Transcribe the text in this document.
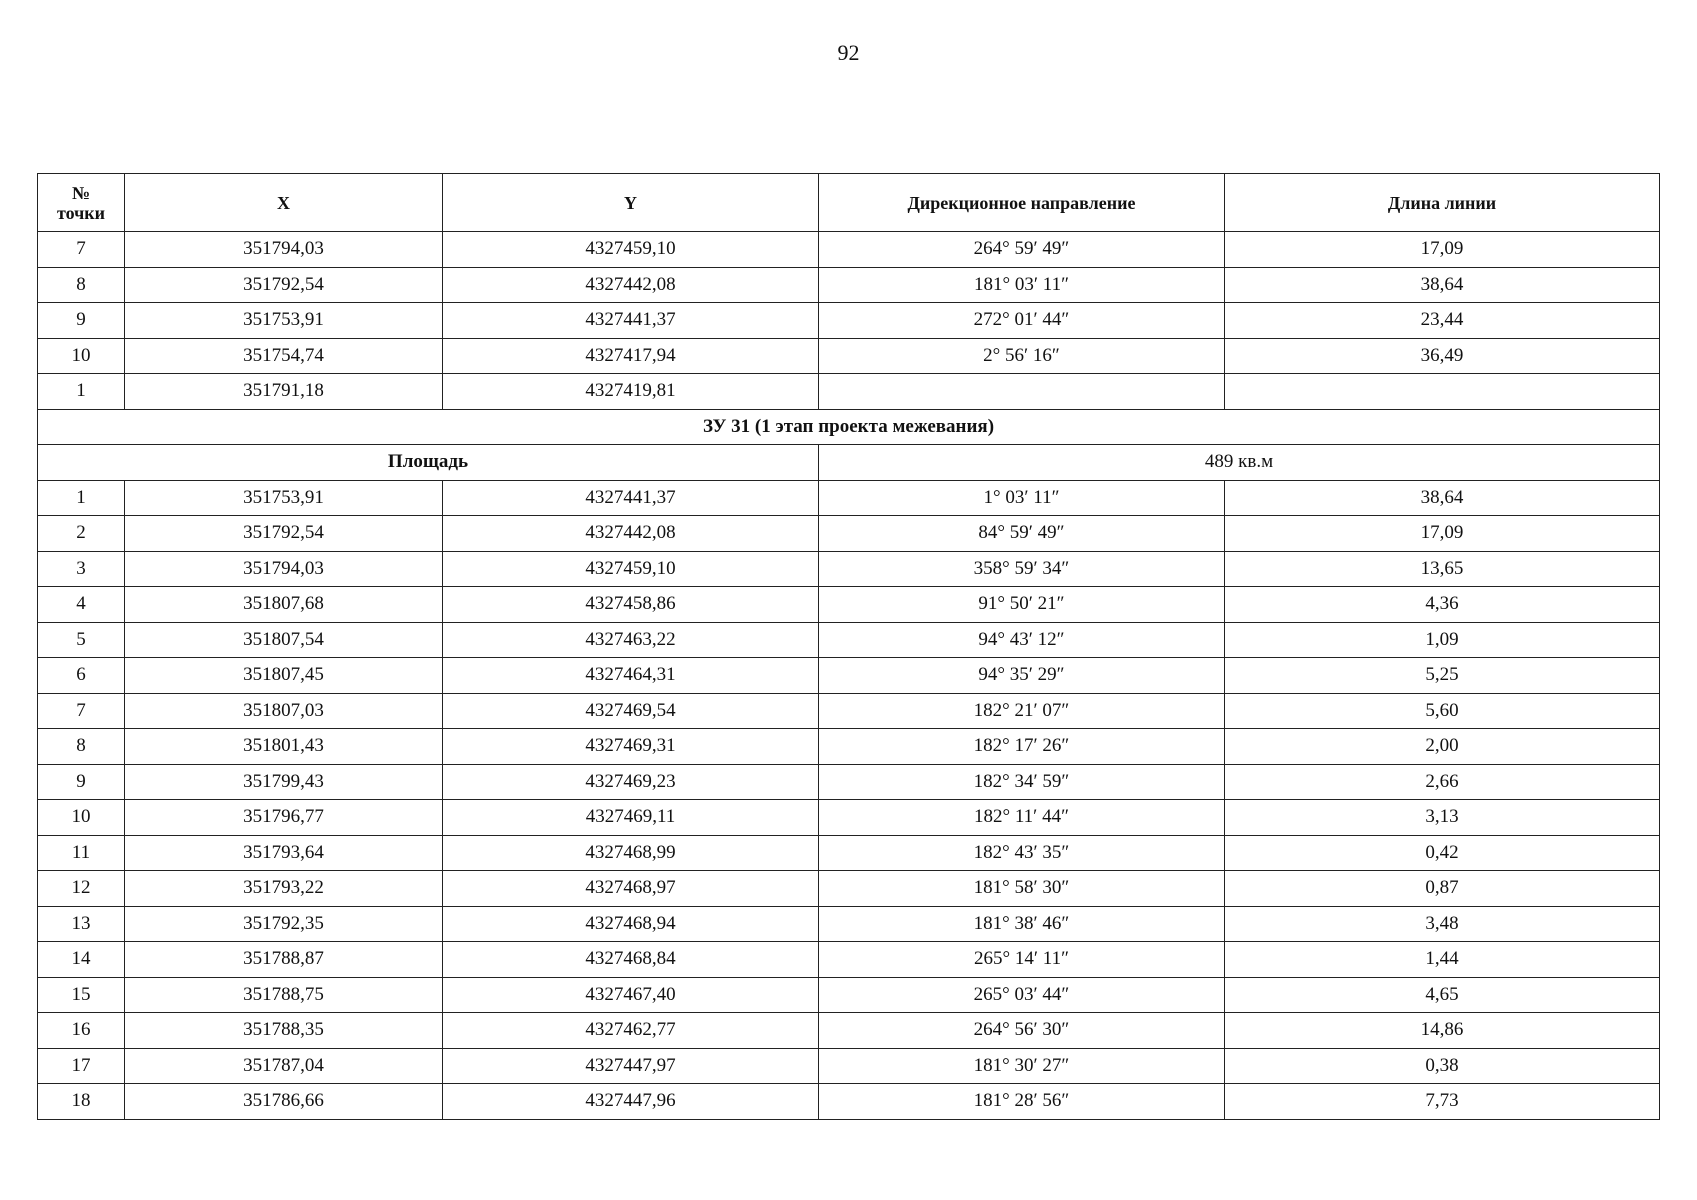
92
№
точки	X	Y	Дирекционное направление	Длина линии
7	351794,03	4327459,10	264° 59′ 49″	17,09
8	351792,54	4327442,08	181° 03′ 11″	38,64
9	351753,91	4327441,37	272° 01′ 44″	23,44
10	351754,74	4327417,94	2° 56′ 16″	36,49
1	351791,18	4327419,81		
ЗУ 31 (1 этап проекта межевания)				
Площадь			489 кв.м	
1	351753,91	4327441,37	1° 03′ 11″	38,64
2	351792,54	4327442,08	84° 59′ 49″	17,09
3	351794,03	4327459,10	358° 59′ 34″	13,65
4	351807,68	4327458,86	91° 50′ 21″	4,36
5	351807,54	4327463,22	94° 43′ 12″	1,09
6	351807,45	4327464,31	94° 35′ 29″	5,25
7	351807,03	4327469,54	182° 21′ 07″	5,60
8	351801,43	4327469,31	182° 17′ 26″	2,00
9	351799,43	4327469,23	182° 34′ 59″	2,66
10	351796,77	4327469,11	182° 11′ 44″	3,13
11	351793,64	4327468,99	182° 43′ 35″	0,42
12	351793,22	4327468,97	181° 58′ 30″	0,87
13	351792,35	4327468,94	181° 38′ 46″	3,48
14	351788,87	4327468,84	265° 14′ 11″	1,44
15	351788,75	4327467,40	265° 03′ 44″	4,65
16	351788,35	4327462,77	264° 56′ 30″	14,86
17	351787,04	4327447,97	181° 30′ 27″	0,38
18	351786,66	4327447,96	181° 28′ 56″	7,73
